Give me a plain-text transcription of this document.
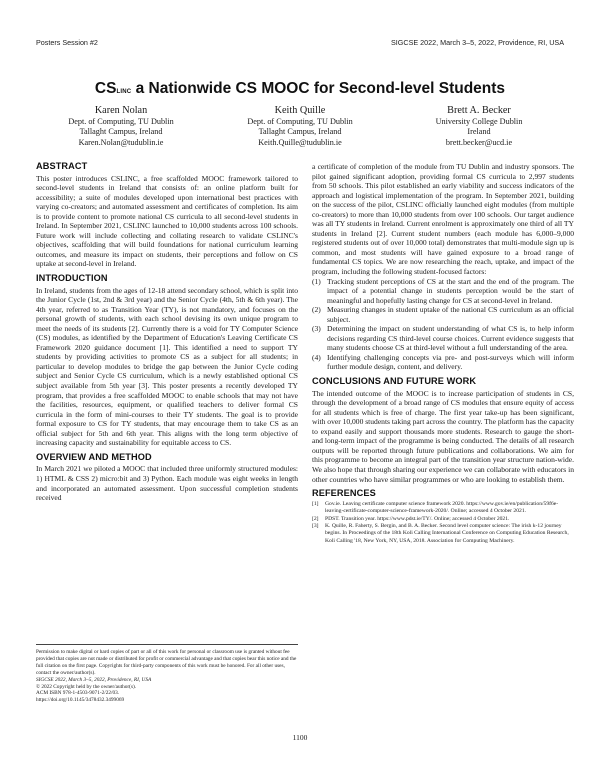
Posters Session #2	SIGCSE 2022, March 3–5, 2022, Providence, RI, USA
CSlinc a Nationwide CS MOOC for Second-level Students
Karen Nolan
Dept. of Computing, TU Dublin
Tallaght Campus, Ireland
Karen.Nolan@tudublin.ie
Keith Quille
Dept. of Computing, TU Dublin
Tallaght Campus, Ireland
Keith.Quille@tudublin.ie
Brett A. Becker
University College Dublin
Ireland
brett.becker@ucd.ie
ABSTRACT

This poster introduces CSLINC, a free scaffolded MOOC framework tailored to second-level students in Ireland that consists of: an online platform built for accessibility; a suite of modules developed upon international best practices with varying co-creators; and automated assessment and certificates of completion. Its aim is to provide content to promote national CS curricula to all second-level students in Ireland. In September 2021, CSLINC launched to 10,000 students across 100 schools. Future work will include collecting and collating research to validate CSLINC's objectives, scaffolding that will build foundations for national curriculum learning outcomes, and measure its impact on students, their perceptions and follow on CS uptake at second-level in Ireland.

INTRODUCTION

In Ireland, students from the ages of 12-18 attend secondary school, which is split into the Junior Cycle (1st, 2nd & 3rd year) and the Senior Cycle (4th, 5th & 6th year). The 4th year, referred to as Transition Year (TY), is not mandatory, and focuses on the personal growth of students, with each school devising its own unique program to meet the needs of its students [2]. Currently there is a void for TY Computer Science (CS) modules, as identified by the Department of Education's Leaving Certificate CS Framework 2020 guidance document [1]. This identified a need to support TY students by providing activities to promote CS as a subject for all students; in particular to develop modules to bridge the gap between the Junior Cycle coding subject and Senior Cycle CS curriculum, which is a newly established optional CS subject available from 5th year [3]. This poster presents a recently developed TY program, that provides a free scaffolded MOOC to enable schools that may not have the facilities, resources, equipment, or qualified teachers to deliver formal CS curricula in the form of mini-courses to their TY students. The goal is to provide formal exposure to CS for TY students, that may encourage them to take CS as an official subject for 5th and 6th year. This aligns with the long term objective of increasing capacity and sustainability for equitable access to CS.

OVERVIEW AND METHOD

In March 2021 we piloted a MOOC that included three uniformly structured modules: 1) HTML & CSS 2) micro:bit and 3) Python. Each module was eight weeks in length and incorporated an automated assessment. Upon successful completion students received

Permission to make digital or hard copies of part or all of this work for personal or classroom use is granted without fee provided that copies are not made or distributed for profit or commercial advantage and that copies bear this notice and the full citation on the first page. Copyrights for third-party components of this work must be honored. For all other uses, contact the owner/author(s).
SIGCSE 2022, March 3–5, 2022, Providence, RI, USA
© 2022 Copyright held by the owner/author(s).
ACM ISBN 978-1-4503-9071-2/22/03.
https://doi.org/10.1145/3478432.3499069

a certificate of completion of the module from TU Dublin and industry sponsors. The pilot gained significant adoption, providing formal CS curricula to 2,997 students from 50 schools. This pilot established an early viability and success indicators of the approach and logistical implementation of the program. In September 2021, building on the success of the pilot, CSLINC officially launched eight modules (from multiple co-creators) to more than 10,000 students from over 100 schools. Our target audience was all TY students in Ireland. Current enrolment is approximately one third of all TY students in Ireland [2]. Current student numbers (each module has 6,000–9,000 registered students out of over 10,000 total) demonstrates that multi-module sign up is common, and most students will have gained exposure to a broad range of fundamental CS topics. We are now researching the reach, uptake, and impact of the program, including the following student-focused factors:

(1) Tracking student perceptions of CS at the start and the end of the program. The impact of a potential change in students perception would be the start of meaningful and hopefully lasting change for CS at second-level in Ireland.
(2) Measuring changes in student uptake of the national CS curriculum as an official subject.
(3) Determining the impact on student understanding of what CS is, to help inform decisions regarding CS third-level course choices. Current evidence suggests that many students choose CS at third-level without a full understanding of the area.
(4) Identifying challenging concepts via pre- and post-surveys which will inform further module design, content, and delivery.
CONCLUSIONS AND FUTURE WORK

The intended outcome of the MOOC is to increase participation of students in CS, through the development of a broad range of CS modules that ensure equity of access for all students which is free of charge. The first year take-up has been significant, with over 10,000 students taking part across the country. The platform has the capacity to expand easily and support thousands more students. Research to gauge the short- and long-term impact of the programme is being conducted. The details of all research outputs will be reported through future publications and collaborations. We aim for this programme to become an integral part of the transition year structure nation-wide. We also hope that through sharing our experience we can collaborate with educators in other countries who have similar programmes or who are looking to establish them.

REFERENCES
[1] Gov.ie. Leaving certificate computer science framework 2020. https://www.gov.ie/en/publication/59f6e-leaving-certificate-computer-science-framework-2020/. Online; accessed 4 October 2021.
[2] PDST. Transition year. https://www.pdst.ie/TY/. Online; accessed 4 October 2021.
[3] K. Quille, R. Faherty, S. Bergin, and B. A. Becker. Second level computer science: The irish k-12 journey begins. In Proceedings of the 18th Koli Calling International Conference on Computing Education Research, Koli Calling '18, New York, NY, USA, 2018. Association for Computing Machinery.
1100
